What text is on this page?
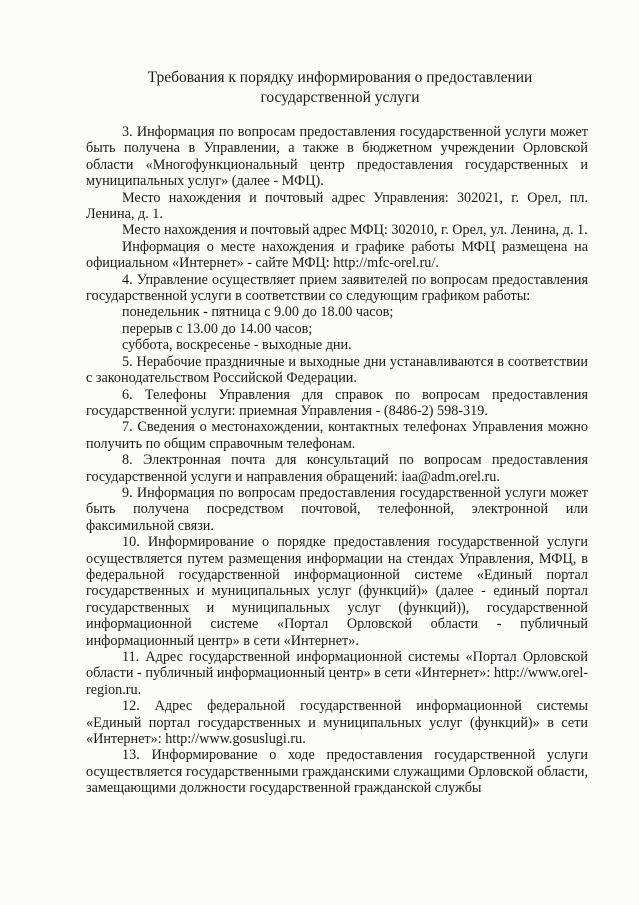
Требования к порядку информирования о предоставлении
государственной услуги

3. Информация по вопросам предоставления государственной услуги может быть получена в Управлении, а также в бюджетном учреждении Орловской области «Многофункциональный центр предоставления государственных и муниципальных услуг» (далее - МФЦ).

Место нахождения и почтовый адрес Управления: 302021, г. Орел, пл. Ленина, д. 1.

Место нахождения и почтовый адрес МФЦ: 302010, г. Орел, ул. Ленина, д. 1.

Информация о месте нахождения и графике работы МФЦ размещена на официальном «Интернет» - сайте МФЦ: http://mfc-orel.ru/.

4. Управление осуществляет прием заявителей по вопросам предоставления государственной услуги в соответствии со следующим графиком работы:

понедельник - пятница с 9.00 до 18.00 часов;

перерыв с 13.00 до 14.00 часов;

суббота, воскресенье - выходные дни.

5. Нерабочие праздничные и выходные дни устанавливаются в соответствии с законодательством Российской Федерации.

6. Телефоны Управления для справок по вопросам предоставления государственной услуги: приемная Управления - (8486-2) 598-319.

7. Сведения о местонахождении, контактных телефонах Управления можно получить по общим справочным телефонам.

8. Электронная почта для консультаций по вопросам предоставления государственной услуги и направления обращений: iaa@adm.orel.ru.

9. Информация по вопросам предоставления государственной услуги может быть получена посредством почтовой, телефонной, электронной или факсимильной связи.

10. Информирование о порядке предоставления государственной услуги осуществляется путем размещения информации на стендах Управления, МФЦ, в федеральной государственной информационной системе «Единый портал государственных и муниципальных услуг (функций)» (далее - единый портал государственных и муниципальных услуг (функций)), государственной информационной системе «Портал Орловской области - публичный информационный центр» в сети «Интернет».

11. Адрес государственной информационной системы «Портал Орловской области - публичный информационный центр» в сети «Интернет»: http://www.orel-region.ru.

12. Адрес федеральной государственной информационной системы «Единый портал государственных и муниципальных услуг (функций)» в сети «Интернет»: http://www.gosuslugi.ru.

13. Информирование о ходе предоставления государственной услуги осуществляется государственными гражданскими служащими Орловской области, замещающими должности государственной гражданской службы
